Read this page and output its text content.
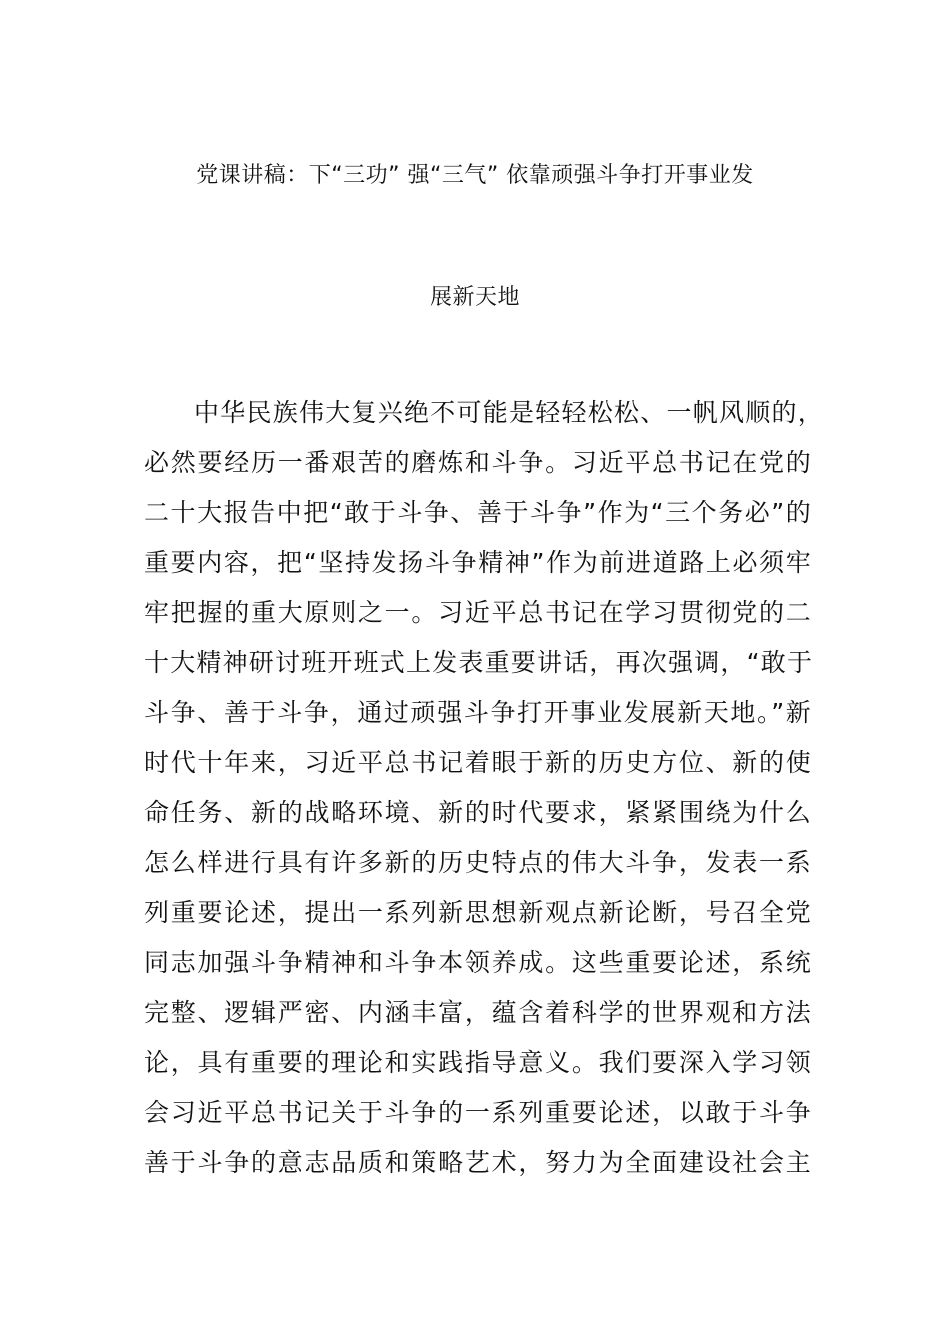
党课讲稿：下“三功” 强“三气” 依靠顽强斗争打开事业发
展新天地
中华民族伟大复兴绝不可能是轻轻松松、一帆风顺的，
必然要经历一番艰苦的磨炼和斗争。习近平总书记在党的
二十大报告中把“敢于斗争、善于斗争”作为“三个务必”的
重要内容，把“坚持发扬斗争精神”作为前进道路上必须牢
牢把握的重大原则之一。习近平总书记在学习贯彻党的二
十大精神研讨班开班式上发表重要讲话，再次强调，“敢于
斗争、善于斗争，通过顽强斗争打开事业发展新天地。”新
时代十年来，习近平总书记着眼于新的历史方位、新的使
命任务、新的战略环境、新的时代要求，紧紧围绕为什么
怎么样进行具有许多新的历史特点的伟大斗争，发表一系
列重要论述，提出一系列新思想新观点新论断，号召全党
同志加强斗争精神和斗争本领养成。这些重要论述，系统
完整、逻辑严密、内涵丰富，蕴含着科学的世界观和方法
论，具有重要的理论和实践指导意义。我们要深入学习领
会习近平总书记关于斗争的一系列重要论述，以敢于斗争
善于斗争的意志品质和策略艺术，努力为全面建设社会主
